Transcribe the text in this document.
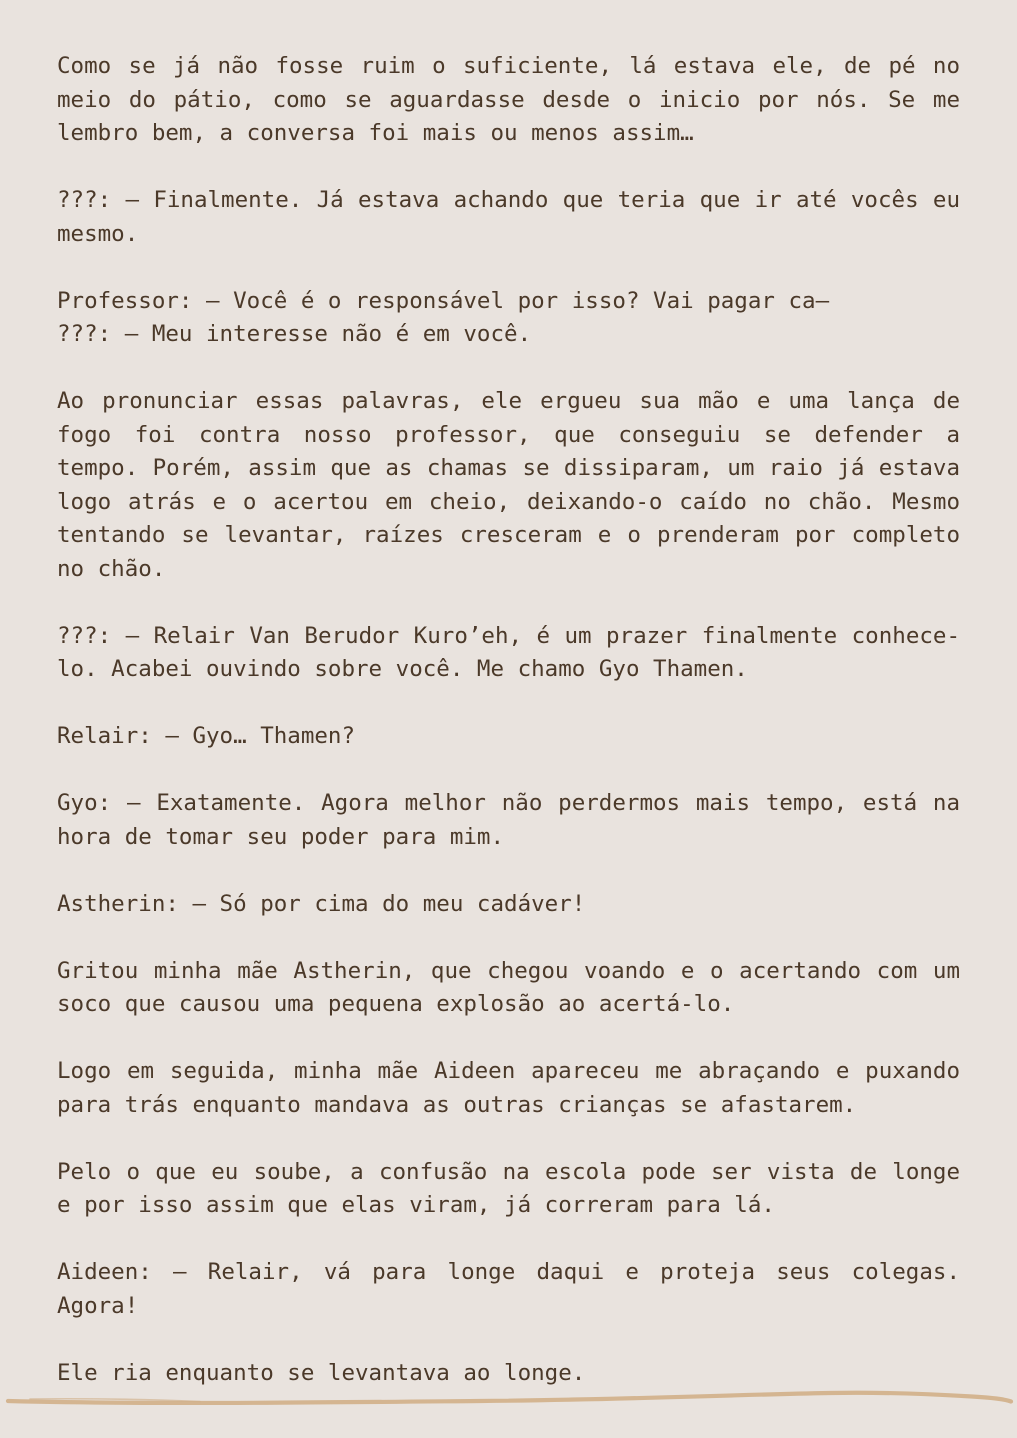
Como se já não fosse ruim o suficiente, lá estava ele, de pé no
meio do pátio, como se aguardasse desde o inicio por nós. Se me
lembro bem, a conversa foi mais ou menos assim…

???: — Finalmente. Já estava achando que teria que ir até vocês eu
mesmo.

Professor: — Você é o responsável por isso? Vai pagar ca—
???: — Meu interesse não é em você.

Ao pronunciar essas palavras, ele ergueu sua mão e uma lança de
fogo foi contra nosso professor, que conseguiu se defender a
tempo. Porém, assim que as chamas se dissiparam, um raio já estava
logo atrás e o acertou em cheio, deixando-o caído no chão. Mesmo
tentando se levantar, raízes cresceram e o prenderam por completo
no chão.

???: — Relair Van Berudor Kuro’eh, é um prazer finalmente conhece-
lo. Acabei ouvindo sobre você. Me chamo Gyo Thamen.

Relair: — Gyo… Thamen?

Gyo: — Exatamente. Agora melhor não perdermos mais tempo, está na
hora de tomar seu poder para mim.

Astherin: — Só por cima do meu cadáver!

Gritou minha mãe Astherin, que chegou voando e o acertando com um
soco que causou uma pequena explosão ao acertá-lo.

Logo em seguida, minha mãe Aideen apareceu me abraçando e puxando
para trás enquanto mandava as outras crianças se afastarem.

Pelo o que eu soube, a confusão na escola pode ser vista de longe
e por isso assim que elas viram, já correram para lá.

Aideen: — Relair, vá para longe daqui e proteja seus colegas.
Agora!

Ele ria enquanto se levantava ao longe.
